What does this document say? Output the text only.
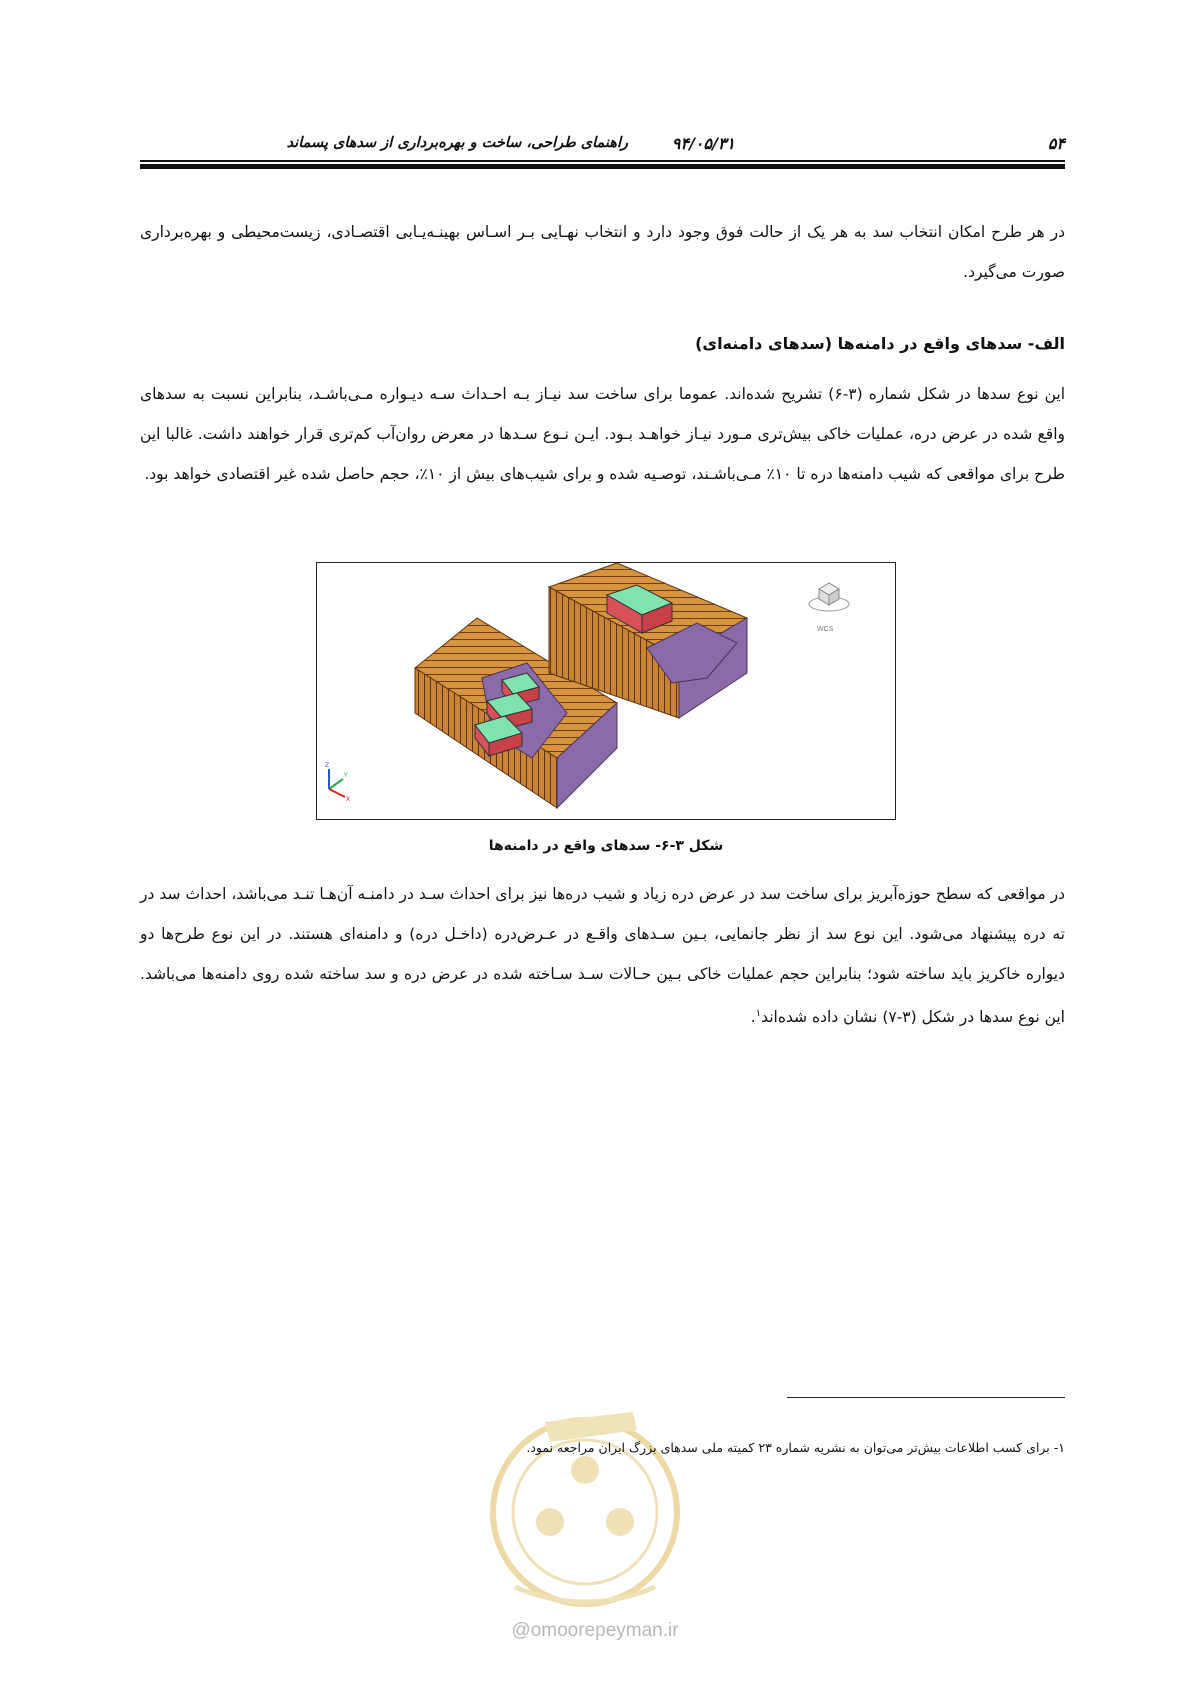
۵۴
۹۴/۰۵/۳۱
راهنمای طراحی، ساخت و بهره‌برداری از سدهای پسماند

در هر طرح امکان انتخاب سد به هر یک از حالت فوق وجود دارد و انتخاب نهـایی بـر اسـاس بهینـه‌یـابی اقتصـادی، زیست‌محیطی و بهره‌برداری صورت می‌گیرد.

الف- سدهای واقع در دامنه‌ها (سدهای دامنه‌ای)

این نوع سدها در شکل شماره (۳-۶) تشریح شده‌اند. عموما برای ساخت سد نیـاز بـه احـداث سـه دیـواره مـی‌باشـد، بنابراین نسبت به سدهای واقع شده در عرض دره، عملیات خاکی بیش‌تری مـورد نیـاز خواهـد بـود. ایـن نـوع سـدها در معرض روان‌آب کم‌تری قرار خواهند داشت. غالبا این طرح برای مواقعی که شیب دامنه‌ها دره تا ۱۰٪ مـی‌باشـند، توصـیه شده و برای شیب‌های بیش از ۱۰٪، حجم حاصل شده غیر اقتصادی خواهد بود.

WCS
Z
Y
X
شکل ۳-۶- سدهای واقع در دامنه‌ها

در مواقعی که سطح حوزه‌آبریز برای ساخت سد در عرض دره زیاد و شیب دره‌ها نیز برای احداث سـد در دامنـه آن‌هـا تنـد می‌باشد، احداث سد در ته دره پیشنهاد می‌شود. این نوع سد از نظر جانمایی، بـین سـدهای واقـع در عـرض‌دره (داخـل دره) و دامنه‌ای هستند. در این نوع طرح‌ها دو دیواره خاکریز باید ساخته شود؛ بنابراین حجم عملیات خاکی بـین حـالات سـد سـاخته شده در عرض دره و سد ساخته شده روی دامنه‌ها می‌باشد. این نوع سدها در شکل (۳-۷) نشان داده شده‌اند$^۱$.

۱- برای کسب اطلاعات بیش‌تر می‌توان به نشریه شماره ۲۳ کمیته ملی سدهای بزرگ ایران مراجعه نمود.
@omoorepeyman.ir
